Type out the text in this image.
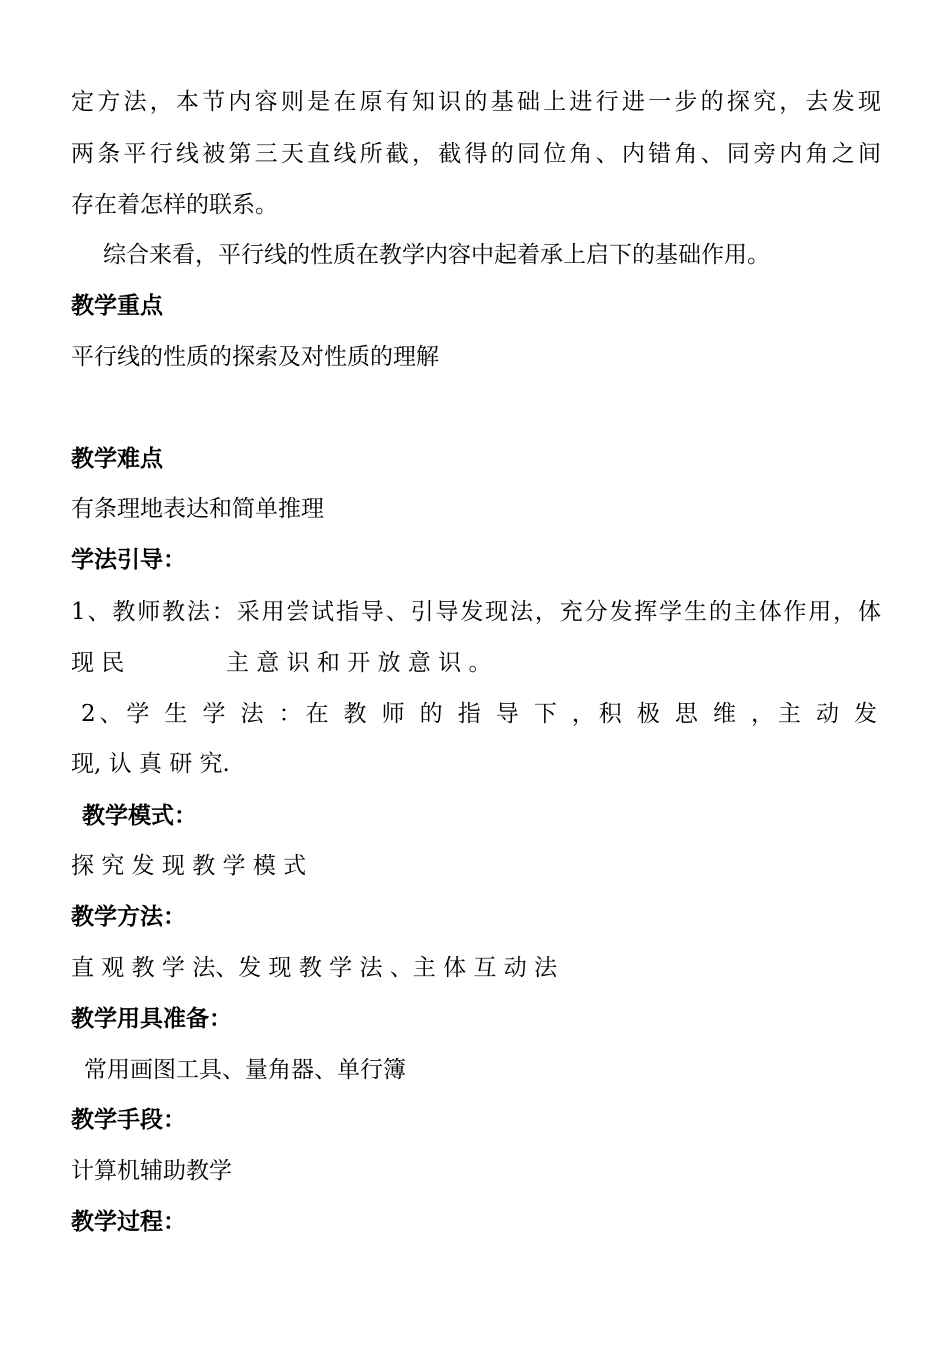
定方法，本节内容则是在原有知识的基础上进行进一步的探究，去发现
两条平行线被第三天直线所截，截得的同位角、内错角、同旁内角之间
存在着怎样的联系。
综合来看，平行线的性质在教学内容中起着承上启下的基础作用。
教学重点
平行线的性质的探索及对性质的理解
教学难点
有条理地表达和简单推理
学法引导：
1、教师教法：采用尝试指导、引导发现法，充分发挥学生的主体作用，体
现 民	主 意 识 和 开 放 意 识 。
2、学 生 学 法 ：在 教 师 的 指 导 下 ，积 极 思 维 ，主 动 发
现, 认 真 研 究.
教学模式：
探 究 发 现 教 学 模 式
教学方法：
直 观 教 学 法、发 现 教 学 法 、主 体 互 动 法
教学用具准备：
常用画图工具、量角器、单行簿
教学手段：
计算机辅助教学
教学过程：
